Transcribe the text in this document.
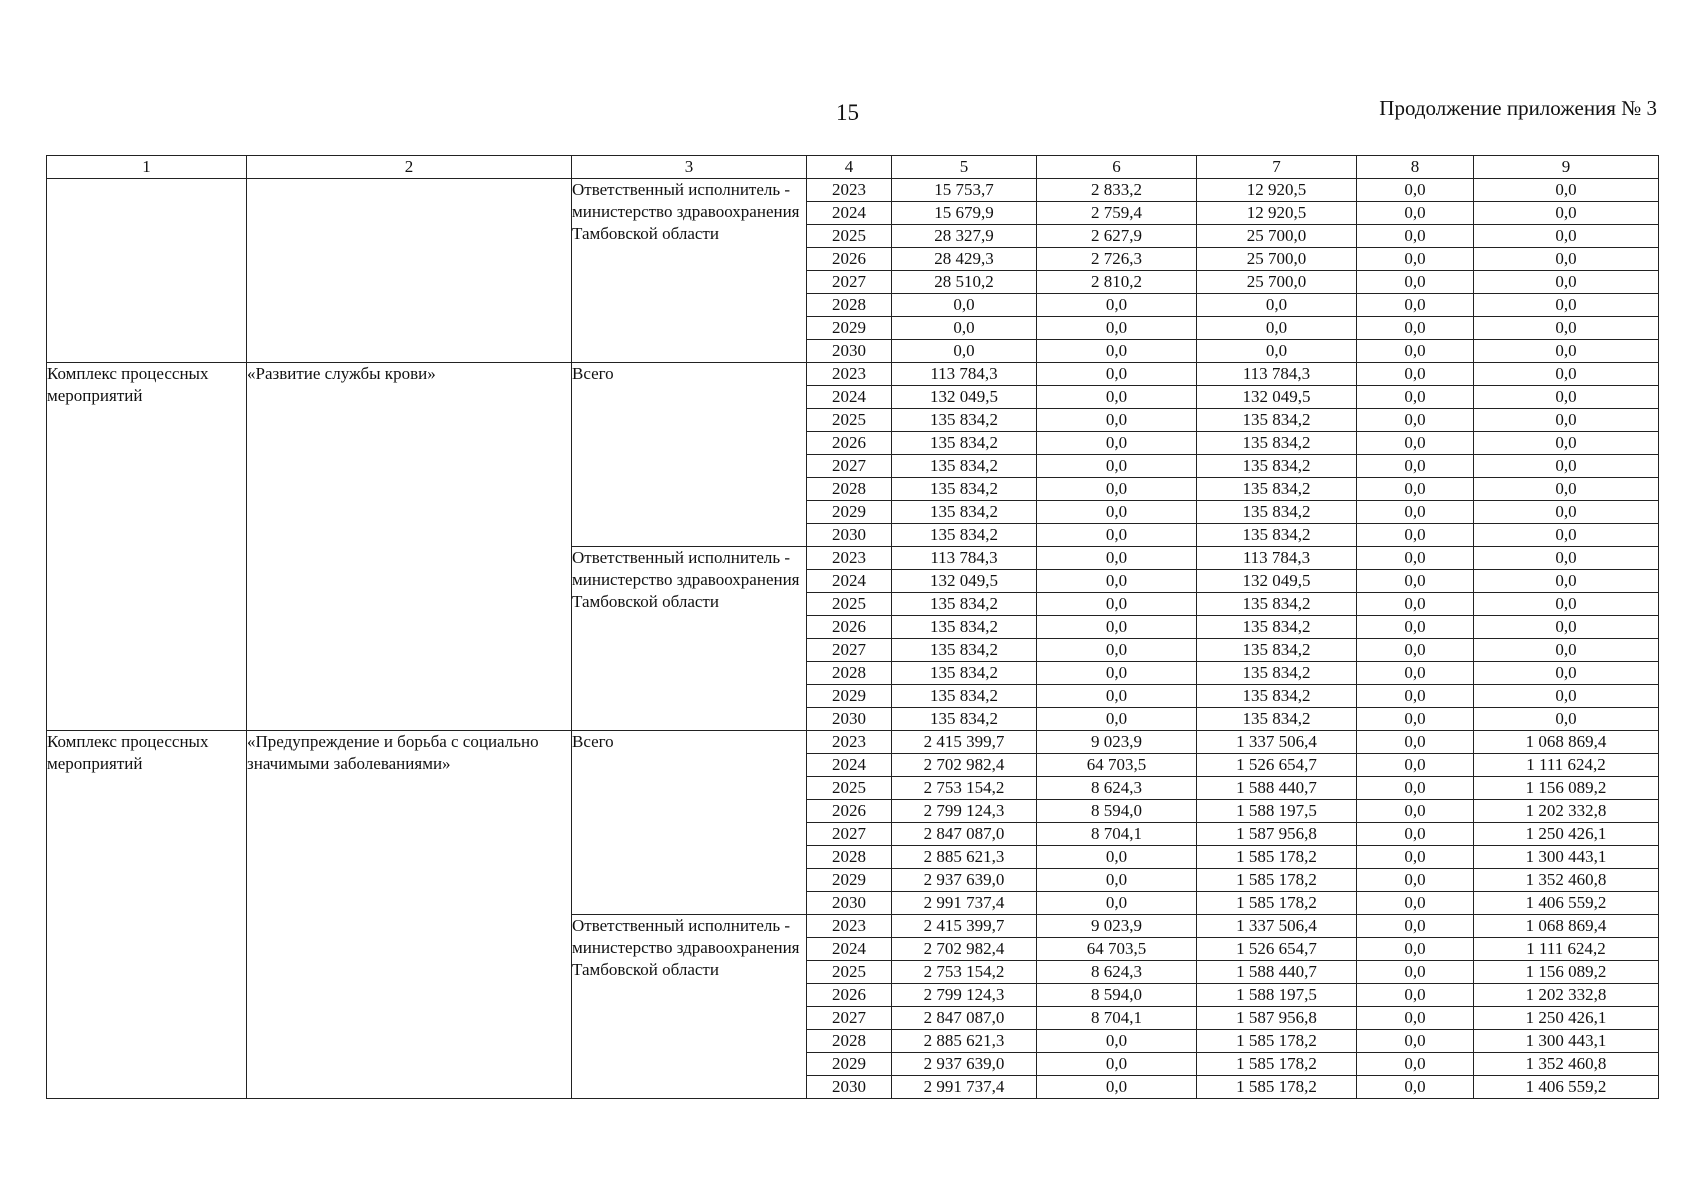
15	Продолжение приложения № 3
1	2	3	4	5	6	7	8	9
		Ответственный исполнитель - министерство здравоохранения Тамбовской области	2023	15 753,7	2 833,2	12 920,5	0,0	0,0
			2024	15 679,9	2 759,4	12 920,5	0,0	0,0
			2025	28 327,9	2 627,9	25 700,0	0,0	0,0
			2026	28 429,3	2 726,3	25 700,0	0,0	0,0
			2027	28 510,2	2 810,2	25 700,0	0,0	0,0
			2028	0,0	0,0	0,0	0,0	0,0
			2029	0,0	0,0	0,0	0,0	0,0
			2030	0,0	0,0	0,0	0,0	0,0
Комплекс процессных мероприятий	«Развитие службы крови»	Всего	2023	113 784,3	0,0	113 784,3	0,0	0,0
			2024	132 049,5	0,0	132 049,5	0,0	0,0
			2025	135 834,2	0,0	135 834,2	0,0	0,0
			2026	135 834,2	0,0	135 834,2	0,0	0,0
			2027	135 834,2	0,0	135 834,2	0,0	0,0
			2028	135 834,2	0,0	135 834,2	0,0	0,0
			2029	135 834,2	0,0	135 834,2	0,0	0,0
			2030	135 834,2	0,0	135 834,2	0,0	0,0
		Ответственный исполнитель - министерство здравоохранения Тамбовской области	2023	113 784,3	0,0	113 784,3	0,0	0,0
			2024	132 049,5	0,0	132 049,5	0,0	0,0
			2025	135 834,2	0,0	135 834,2	0,0	0,0
			2026	135 834,2	0,0	135 834,2	0,0	0,0
			2027	135 834,2	0,0	135 834,2	0,0	0,0
			2028	135 834,2	0,0	135 834,2	0,0	0,0
			2029	135 834,2	0,0	135 834,2	0,0	0,0
			2030	135 834,2	0,0	135 834,2	0,0	0,0
Комплекс процессных мероприятий	«Предупреждение и борьба с социально значимыми заболеваниями»	Всего	2023	2 415 399,7	9 023,9	1 337 506,4	0,0	1 068 869,4
			2024	2 702 982,4	64 703,5	1 526 654,7	0,0	1 111 624,2
			2025	2 753 154,2	8 624,3	1 588 440,7	0,0	1 156 089,2
			2026	2 799 124,3	8 594,0	1 588 197,5	0,0	1 202 332,8
			2027	2 847 087,0	8 704,1	1 587 956,8	0,0	1 250 426,1
			2028	2 885 621,3	0,0	1 585 178,2	0,0	1 300 443,1
			2029	2 937 639,0	0,0	1 585 178,2	0,0	1 352 460,8
			2030	2 991 737,4	0,0	1 585 178,2	0,0	1 406 559,2
		Ответственный исполнитель - министерство здравоохранения Тамбовской области	2023	2 415 399,7	9 023,9	1 337 506,4	0,0	1 068 869,4
			2024	2 702 982,4	64 703,5	1 526 654,7	0,0	1 111 624,2
			2025	2 753 154,2	8 624,3	1 588 440,7	0,0	1 156 089,2
			2026	2 799 124,3	8 594,0	1 588 197,5	0,0	1 202 332,8
			2027	2 847 087,0	8 704,1	1 587 956,8	0,0	1 250 426,1
			2028	2 885 621,3	0,0	1 585 178,2	0,0	1 300 443,1
			2029	2 937 639,0	0,0	1 585 178,2	0,0	1 352 460,8
			2030	2 991 737,4	0,0	1 585 178,2	0,0	1 406 559,2
